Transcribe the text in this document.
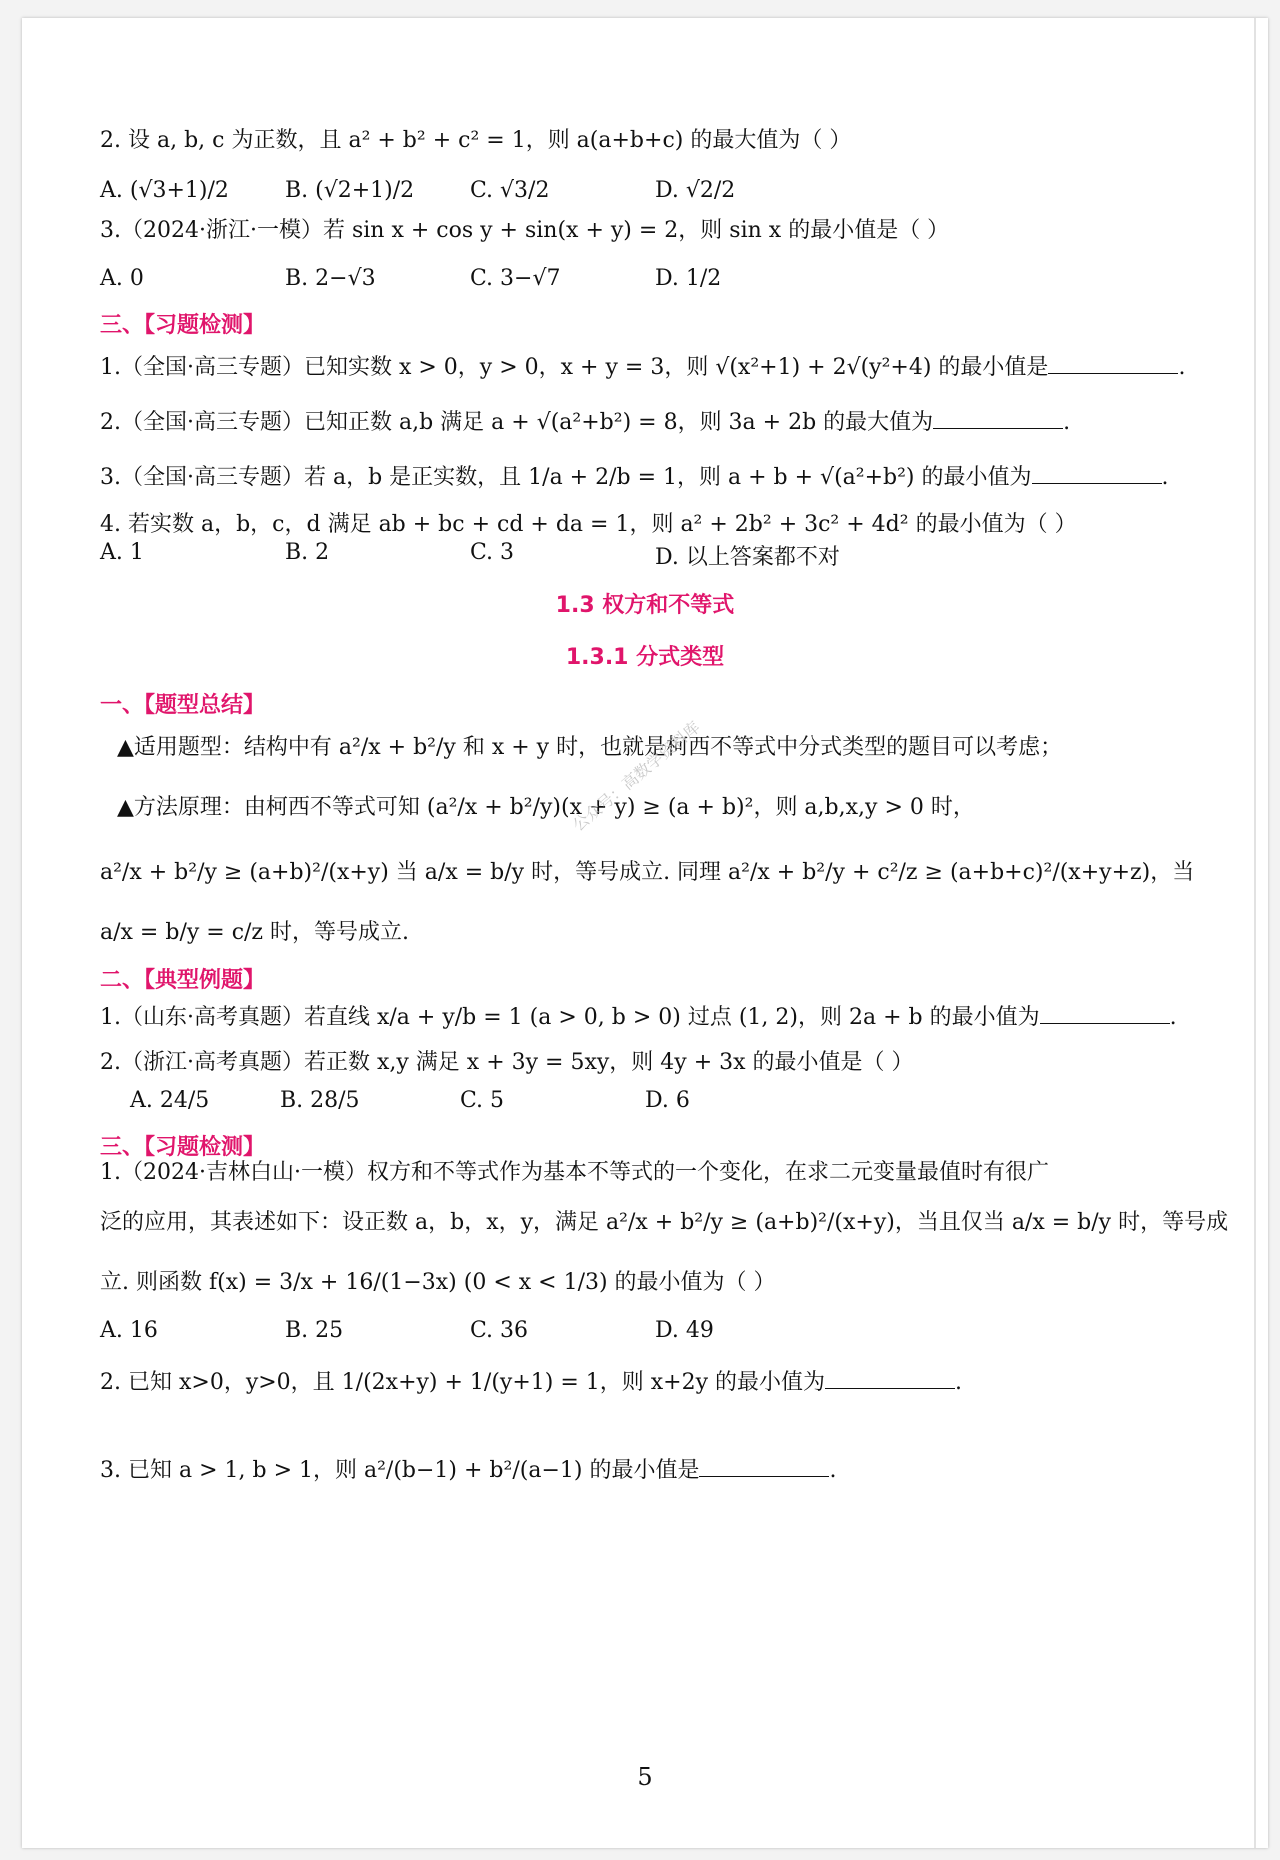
2. 设 a, b, c 为正数，且 a² + b² + c² = 1，则 a(a+b+c) 的最大值为（ ）
A. (√3+1)/2	B. (√2+1)/2	C. √3/2	D. √2/2
3.（2024·浙江·一模）若 sin x + cos y + sin(x + y) = 2，则 sin x 的最小值是（ ）
A. 0	B. 2−√3	C. 3−√7	D. 1/2
三、【习题检测】
1.（全国·高三专题）已知实数 x > 0，y > 0，x + y = 3，则 √(x²+1) + 2√(y²+4) 的最小值是	.
2.（全国·高三专题）已知正数 a,b 满足 a + √(a²+b²) = 8，则 3a + 2b 的最大值为	.
3.（全国·高三专题）若 a，b 是正实数，且 1/a + 2/b = 1，则 a + b + √(a²+b²) 的最小值为	.
4. 若实数 a，b，c，d 满足 ab + bc + cd + da = 1，则 a² + 2b² + 3c² + 4d² 的最小值为（ ）
A. 1	B. 2	C. 3	D. 以上答案都不对
1.3 权方和不等式
1.3.1 分式类型
一、【题型总结】
▲适用题型：结构中有 a²/x + b²/y 和 x + y 时，也就是柯西不等式中分式类型的题目可以考虑；
▲方法原理：由柯西不等式可知 (a²/x + b²/y)(x + y) ≥ (a + b)²，则 a,b,x,y > 0 时，
a²/x + b²/y ≥ (a+b)²/(x+y) 当 a/x = b/y 时，等号成立. 同理 a²/x + b²/y + c²/z ≥ (a+b+c)²/(x+y+z)，当
a/x = b/y = c/z 时，等号成立.
公众号：高数学资料库
二、【典型例题】
1.（山东·高考真题）若直线 x/a + y/b = 1 (a > 0, b > 0) 过点 (1, 2)，则 2a + b 的最小值为	.
2.（浙江·高考真题）若正数 x,y 满足 x + 3y = 5xy，则 4y + 3x 的最小值是（ ）
A. 24/5	B. 28/5	C. 5	D. 6
三、【习题检测】
1.（2024·吉林白山·一模）权方和不等式作为基本不等式的一个变化，在求二元变量最值时有很广
泛的应用，其表述如下：设正数 a，b，x，y，满足 a²/x + b²/y ≥ (a+b)²/(x+y)，当且仅当 a/x = b/y 时，等号成
立. 则函数 f(x) = 3/x + 16/(1−3x) (0 < x < 1/3) 的最小值为（ ）
A. 16	B. 25	C. 36	D. 49
2. 已知 x>0，y>0，且 1/(2x+y) + 1/(y+1) = 1，则 x+2y 的最小值为	.
3. 已知 a > 1, b > 1，则 a²/(b−1) + b²/(a−1) 的最小值是	.
5
